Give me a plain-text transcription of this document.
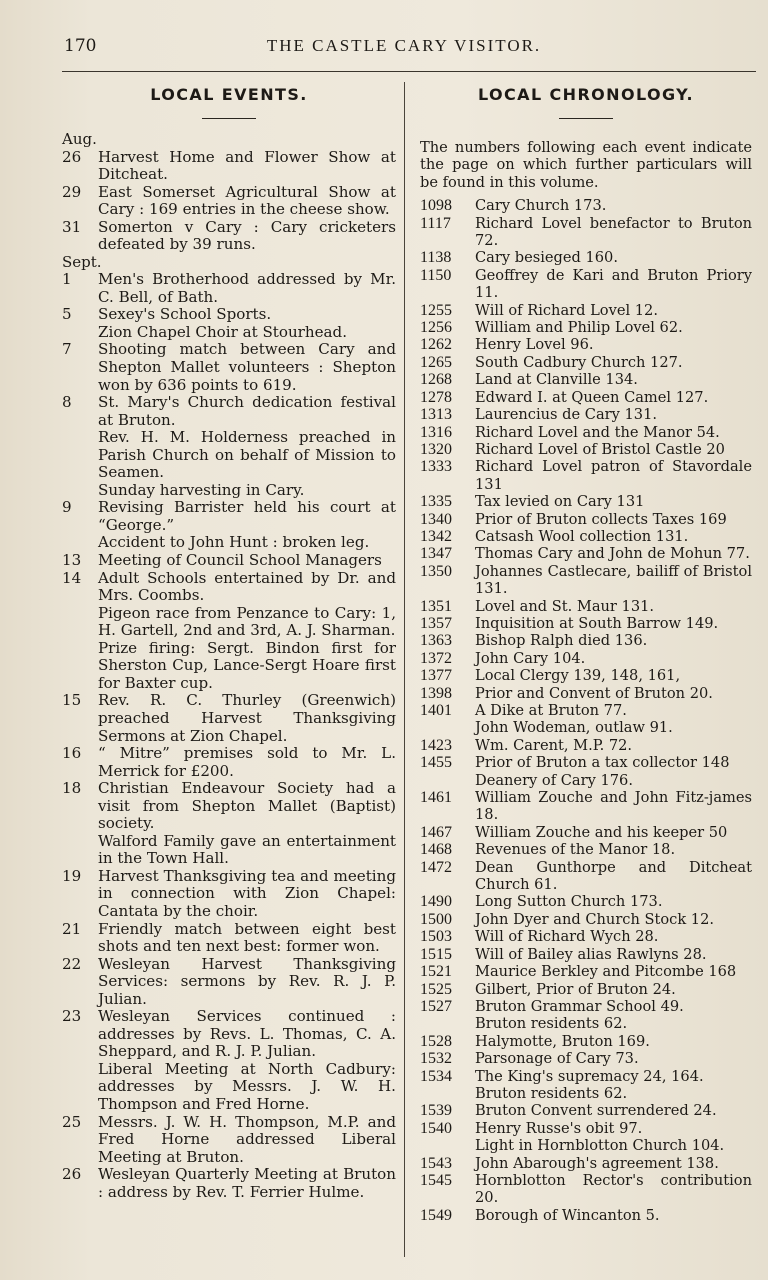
170	THE CASTLE CARY VISITOR.
LOCAL EVENTS.
Aug.
26	Harvest Home and Flower Show at Ditcheat.
29	East Somerset Agricultural Show at Cary : 169 entries in the cheese show.
31	Somerton v Cary : Cary cricketers defeated by 39 runs.
Sept.
1	Men's Brotherhood addressed by Mr. C. Bell, of Bath.
5	Sexey's School Sports.
Zion Chapel Choir at Stourhead.
7	Shooting match between Cary and Shepton Mallet volunteers : Shepton won by 636 points to 619.
8	St. Mary's Church dedication festival at Bruton.
Rev. H. M. Holderness preached in Parish Church on behalf of Mission to Seamen.
Sunday harvesting in Cary.
9	Revising Barrister held his court at “George.”
Accident to John Hunt : broken leg.
13	Meeting of Council School Managers
14	Adult Schools entertained by Dr. and Mrs. Coombs.
Pigeon race from Penzance to Cary: 1, H. Gartell, 2nd and 3rd, A. J. Sharman.
Prize firing: Sergt. Bindon first for Sherston Cup, Lance-Sergt Hoare first for Baxter cup.
15	Rev. R. C. Thurley (Greenwich) preached Harvest Thanksgiving Sermons at Zion Chapel.
16	“ Mitre” premises sold to Mr. L. Merrick for £200.
18	Christian Endeavour Society had a visit from Shepton Mallet (Baptist) society.
Walford Family gave an entertainment in the Town Hall.
19	Harvest Thanksgiving tea and meeting in connection with Zion Chapel: Cantata by the choir.
21	Friendly match between eight best shots and ten next best: former won.
22	Wesleyan Harvest Thanksgiving Services: sermons by Rev. R. J. P. Julian.
23	Wesleyan Services continued : addresses by Revs. L. Thomas, C. A. Sheppard, and R. J. P. Julian.
Liberal Meeting at North Cadbury: addresses by Messrs. J. W. H. Thompson and Fred Horne.
25	Messrs. J. W. H. Thompson, M.P. and Fred Horne addressed Liberal Meeting at Bruton.
26	Wesleyan Quarterly Meeting at Bruton : address by Rev. T. Ferrier Hulme.
LOCAL CHRONOLOGY.
The numbers following each event indicate the page on which further particulars will be found in this volume.
1098	Cary Church 173.
1117	Richard Lovel benefactor to Bruton 72.
1138	Cary besieged 160.
1150	Geoffrey de Kari and Bruton Priory 11.
1255	Will of Richard Lovel 12.
1256	William and Philip Lovel 62.
1262	Henry Lovel 96.
1265	South Cadbury Church 127.
1268	Land at Clanville 134.
1278	Edward I. at Queen Camel 127.
1313	Laurencius de Cary 131.
1316	Richard Lovel and the Manor 54.
1320	Richard Lovel of Bristol Castle 20
1333	Richard Lovel patron of Stavordale 131
1335	Tax levied on Cary 131
1340	Prior of Bruton collects Taxes 169
1342	Catsash Wool collection 131.
1347	Thomas Cary and John de Mohun 77.
1350	Johannes Castlecare, bailiff of Bristol 131.
1351	Lovel and St. Maur 131.
1357	Inquisition at South Barrow 149.
1363	Bishop Ralph died 136.
1372	John Cary 104.
1377	Local Clergy 139, 148, 161,
1398	Prior and Convent of Bruton 20.
1401	A Dike at Bruton 77.
John Wodeman, outlaw 91.
1423	Wm. Carent, M.P. 72.
1455	Prior of Bruton a tax collector 148
Deanery of Cary 176.
1461	William Zouche and John Fitz-james 18.
1467	William Zouche and his keeper 50
1468	Revenues of the Manor 18.
1472	Dean Gunthorpe and Ditcheat Church 61.
1490	Long Sutton Church 173.
1500	John Dyer and Church Stock 12.
1503	Will of Richard Wych 28.
1515	Will of Bailey alias Rawlyns 28.
1521	Maurice Berkley and Pitcombe 168
1525	Gilbert, Prior of Bruton 24.
1527	Bruton Grammar School 49.
Bruton residents 62.
1528	Halymotte, Bruton 169.
1532	Parsonage of Cary 73.
1534	The King's supremacy 24, 164.
Bruton residents 62.
1539	Bruton Convent surrendered 24.
1540	Henry Russe's obit 97.
Light in Hornblotton Church 104.
1543	John Abarough's agreement 138.
1545	Hornblotton Rector's contribution 20.
1549	Borough of Wincanton 5.
